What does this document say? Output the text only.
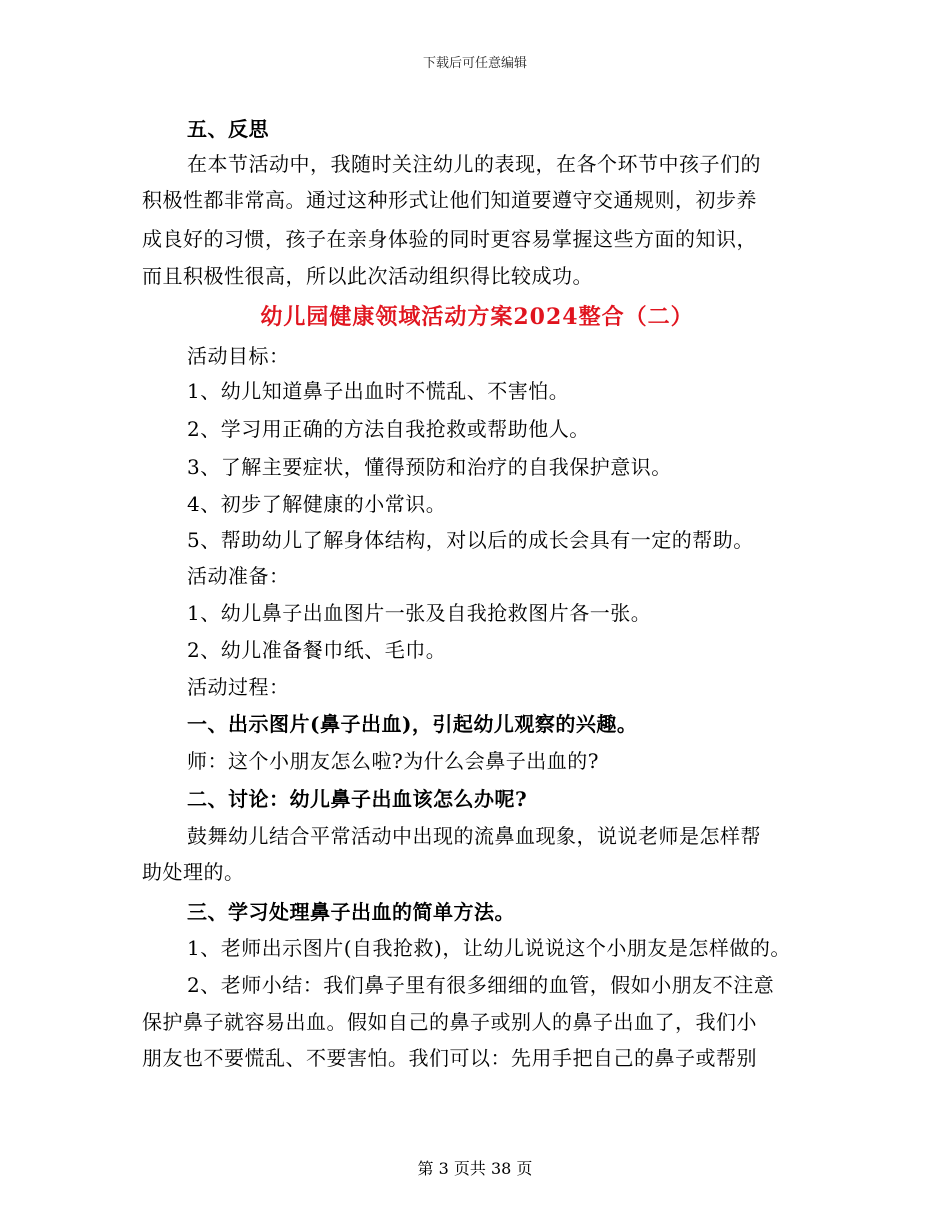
下载后可任意编辑
五、反思
在本节活动中，我随时关注幼儿的表现，在各个环节中孩子们的
积极性都非常高。通过这种形式让他们知道要遵守交通规则，初步养
成良好的习惯，孩子在亲身体验的同时更容易掌握这些方面的知识，
而且积极性很高，所以此次活动组织得比较成功。
幼儿园健康领域活动方案2024整合（二）
活动目标：
1、幼儿知道鼻子出血时不慌乱、不害怕。
2、学习用正确的方法自我抢救或帮助他人。
3、了解主要症状，懂得预防和治疗的自我保护意识。
4、初步了解健康的小常识。
5、帮助幼儿了解身体结构，对以后的成长会具有一定的帮助。
活动准备：
1、幼儿鼻子出血图片一张及自我抢救图片各一张。
2、幼儿准备餐巾纸、毛巾。
活动过程：
一、出示图片(鼻子出血)，引起幼儿观察的兴趣。
师：这个小朋友怎么啦?为什么会鼻子出血的?
二、讨论：幼儿鼻子出血该怎么办呢?
鼓舞幼儿结合平常活动中出现的流鼻血现象，说说老师是怎样帮
助处理的。
三、学习处理鼻子出血的简单方法。
1、老师出示图片(自我抢救)，让幼儿说说这个小朋友是怎样做的。
2、老师小结：我们鼻子里有很多细细的血管，假如小朋友不注意
保护鼻子就容易出血。假如自己的鼻子或别人的鼻子出血了，我们小
朋友也不要慌乱、不要害怕。我们可以：先用手把自己的鼻子或帮别
第 3 页共 38 页
